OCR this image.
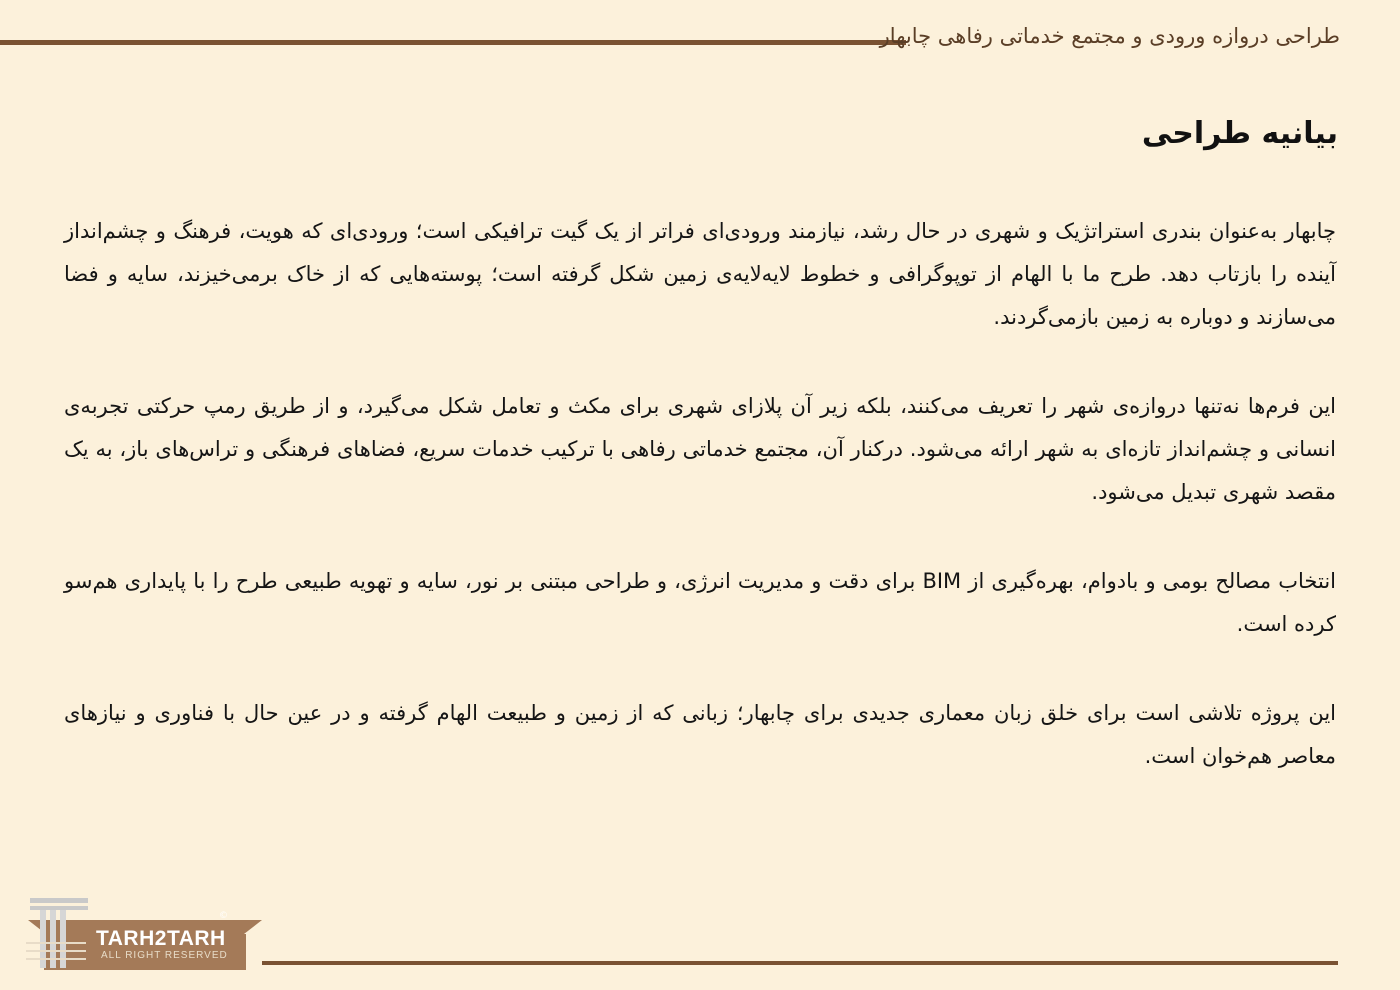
طراحی دروازه ورودی و مجتمع خدماتی رفاهی چابهار
بیانیه طراحی

چابهار به‌عنوان بندری استراتژیک و شهری در حال رشد، نیازمند ورودی‌ای فراتر از یک گیت ترافیکی است؛ ورودی‌ای که هویت، فرهنگ و چشم‌انداز آینده را بازتاب دهد. طرح ما با الهام از توپوگرافی و خطوط لایه‌لایه‌ی زمین شکل گرفته است؛ پوسته‌هایی که از خاک برمی‌خیزند، سایه و فضا می‌سازند و دوباره به زمین بازمی‌گردند.

این فرم‌ها نه‌تنها دروازه‌ی شهر را تعریف می‌کنند، بلکه زیر آن پلازای شهری برای مکث و تعامل شکل می‌گیرد، و از طریق رمپ حرکتی تجربه‌ی انسانی و چشم‌انداز تازه‌ای به شهر ارائه می‌شود. درکنار آن، مجتمع خدماتی رفاهی با ترکیب خدمات سریع، فضاهای فرهنگی و تراس‌های باز، به یک مقصد شهری تبدیل می‌شود.

انتخاب مصالح بومی و بادوام، بهره‌گیری از BIM برای دقت و مدیریت انرژی، و طراحی مبتنی بر نور، سایه و تهویه طبیعی طرح را با پایداری هم‌سو کرده است.

این پروژه تلاشی است برای خلق زبان معماری جدیدی برای چابهار؛ زبانی که از زمین و طبیعت الهام گرفته و در عین حال با فناوری و نیازهای معاصر هم‌خوان است.

TARH2TARH
ALL RIGHT RESERVED
©
